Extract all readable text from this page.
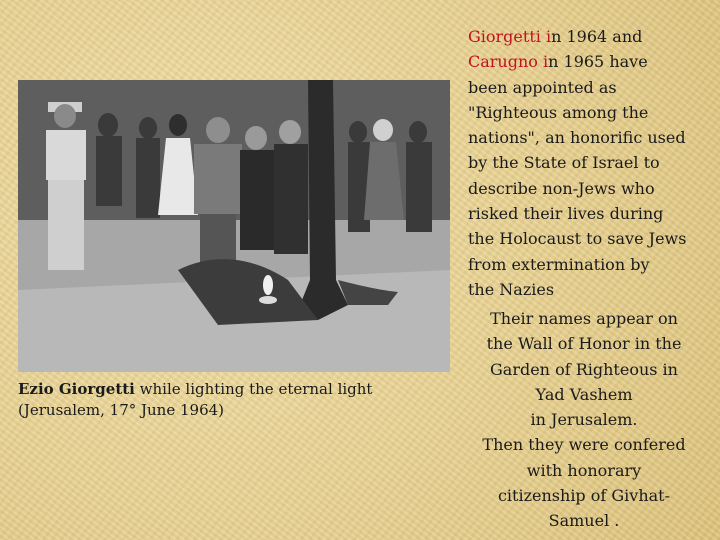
Ezio Giorgetti while lighting the eternal light
(Jerusalem, 17° June 1964)
Giorgetti in 1964 and
Carugno in 1965 have
been appointed as
"Righteous among the
nations", an honorific used
by the State of Israel to
describe non-Jews who
risked their lives during
the Holocaust to save Jews
from extermination by
the Nazies
Their names appear on
the Wall of Honor in the
Garden of Righteous in
Yad Vashem
in Jerusalem.
Then they were confered
with honorary
citizenship of Givhat-
Samuel .
